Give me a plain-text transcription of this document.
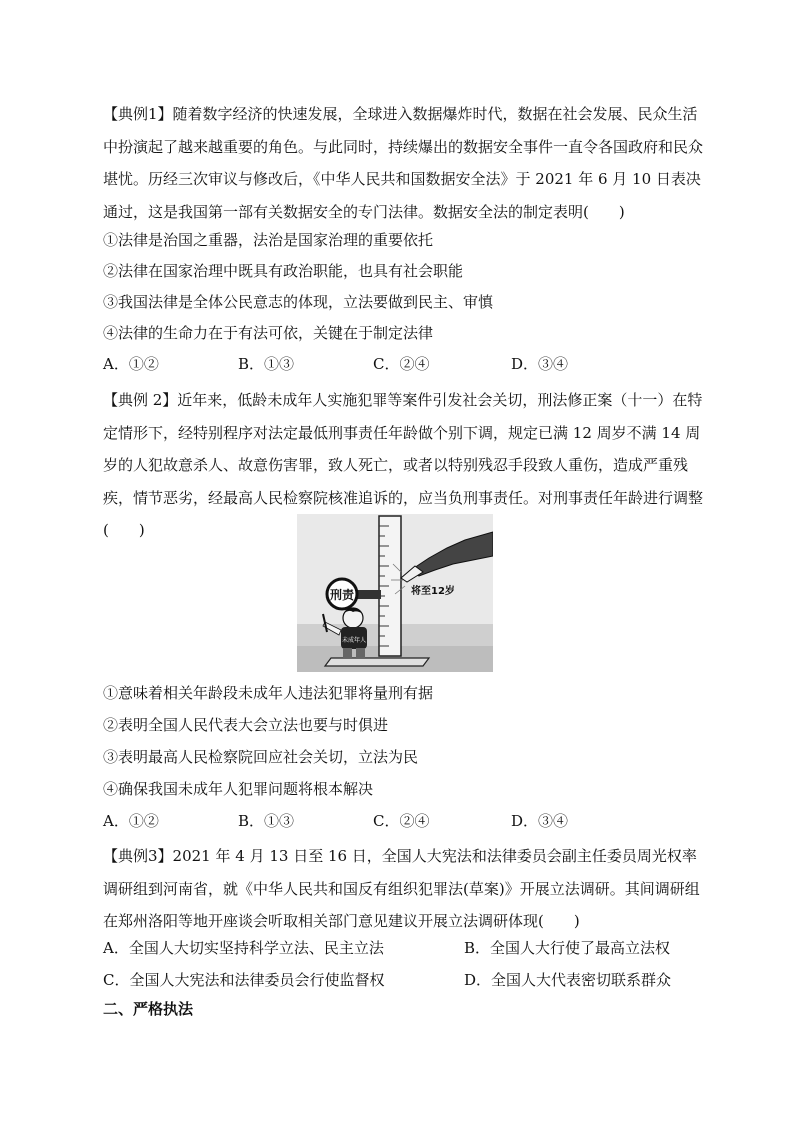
【典例1】随着数字经济的快速发展，全球进入数据爆炸时代，数据在社会发展、民众生活中扮演起了越来越重要的角色。与此同时，持续爆出的数据安全事件一直令各国政府和民众堪忧。历经三次审议与修改后，《中华人民共和国数据安全法》于 2021 年 6 月 10 日表决通过，这是我国第一部有关数据安全的专门法律。数据安全法的制定表明(　　)
①法律是治国之重器，法治是国家治理的重要依托
②法律在国家治理中既具有政治职能，也具有社会职能
③我国法律是全体公民意志的体现，立法要做到民主、审慎
④法律的生命力在于有法可依，关键在于制定法律
A．①②	B．①③	C．②④	D．③④
【典例 2】近年来，低龄未成年人实施犯罪等案件引发社会关切，刑法修正案（十一）在特定情形下，经特别程序对法定最低刑事责任年龄做个别下调，规定已满 12 周岁不满 14 周岁的人犯故意杀人、故意伤害罪，致人死亡，或者以特别残忍手段致人重伤，造成严重残疾，情节恶劣，经最高人民检察院核准追诉的，应当负刑事责任。对刑事责任年龄进行调整(　　)
刑责	将至12岁
未成年人
①意味着相关年龄段未成年人违法犯罪将量刑有据
②表明全国人民代表大会立法也要与时俱进
③表明最高人民检察院回应社会关切，立法为民
④确保我国未成年人犯罪问题将根本解决
A．①②	B．①③	C．②④	D．③④
【典例3】2021 年 4 月 13 日至 16 日，全国人大宪法和法律委员会副主任委员周光权率调研组到河南省，就《中华人民共和国反有组织犯罪法(草案)》开展立法调研。其间调研组在郑州洛阳等地开座谈会听取相关部门意见建议开展立法调研体现(　　)
A．全国人大切实坚持科学立法、民主立法	B．全国人大行使了最高立法权
C．全国人大宪法和法律委员会行使监督权	D．全国人大代表密切联系群众
二、严格执法
